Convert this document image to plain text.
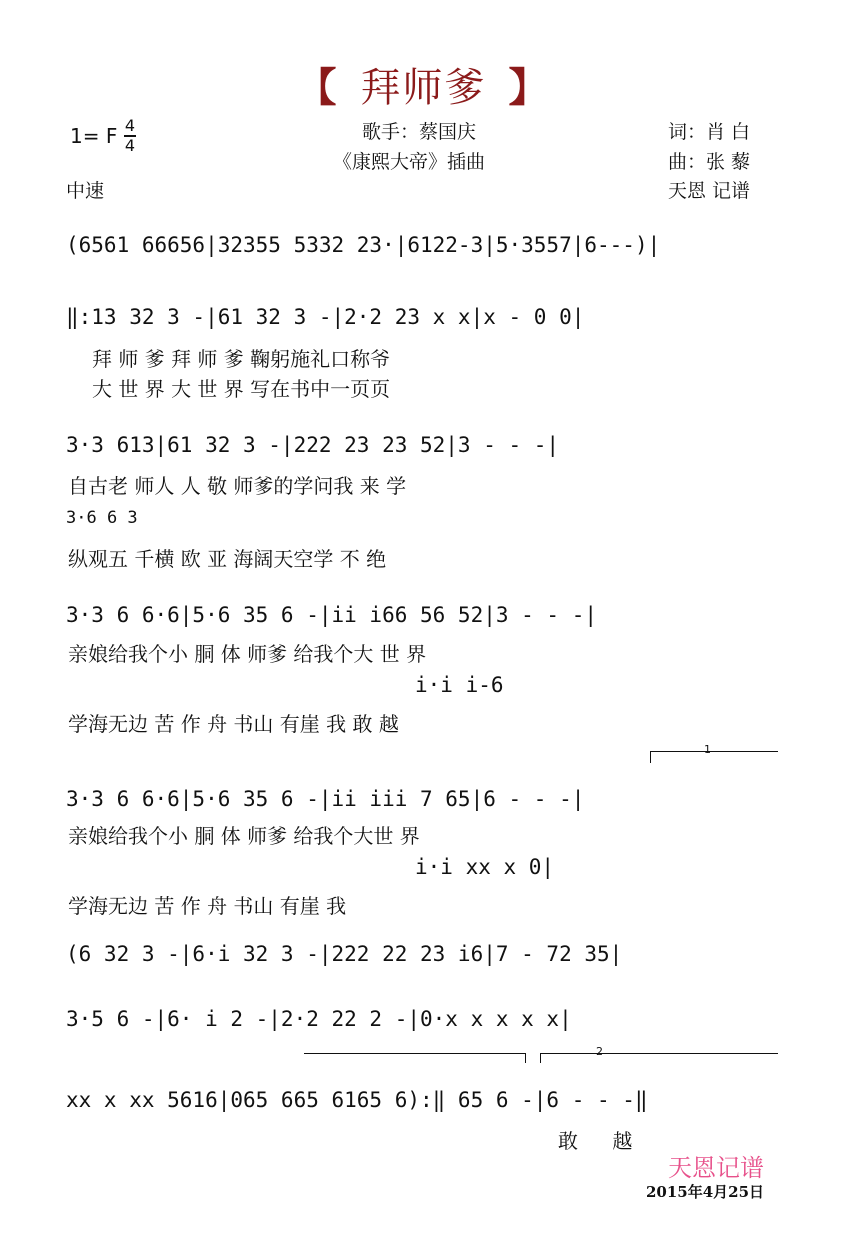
【 拜师爹 】
1= F 4
4
中速
歌手：蔡国庆
《康熙大帝》插曲
词：肖 白
曲：张 藜
天恩 记谱
(6561 66656|32355 5332 23·|6122-3|5·3557|6---)|
‖:13 32 3 -|61 32 3 -|2·2 23 x x|x - 0 0|
拜 师 爹 拜 师 爹 鞠躬施礼口称爷
大 世 界 大 世 界 写在书中一页页
3·3 613|61 32 3 -|222 23 23 52|3 - - -|
自古老 师人 人 敬 师爹的学问我 来 学
3·6 6 3
纵观五 千横 欧 亚 海阔天空学 不 绝
3·3 6 6·6|5·6 35 6 -|ii i66 56 52|3 - - -|
亲娘给我个小 胴 体 师爹 给我个大 世 界
i·i i-6
学海无边 苦 作 舟 书山 有崖 我 敢 越
1
3·3 6 6·6|5·6 35 6 -|ii iii 7 65|6 - - -|
亲娘给我个小 胴 体 师爹 给我个大世 界
i·i xx x 0|
学海无边 苦 作 舟 书山 有崖 我
(6 32 3 -|6·i 32 3 -|222 22 23 i6|7 - 72 35|
3·5 6 -|6· i 2 -|2·2 22 2 -|0·x x x x x|
2
xx x xx 5616|065 665 6165 6):‖ 65 6 -|6 - - -‖
敢 越
天恩记谱
2015年4月25日
